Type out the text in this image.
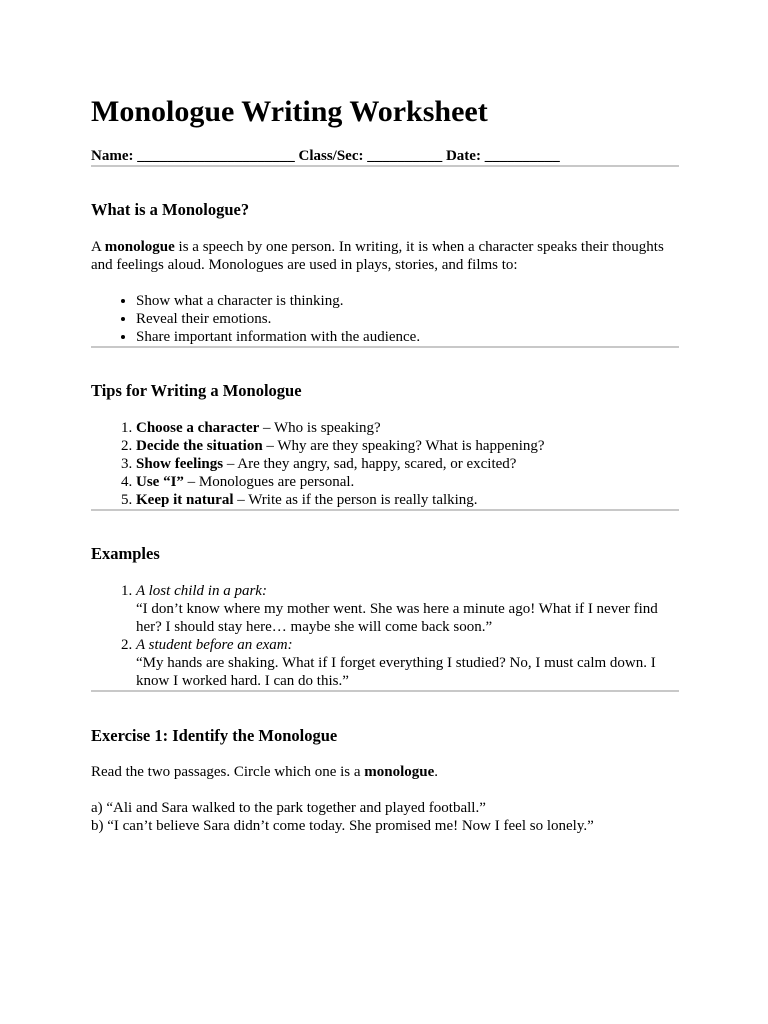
Monologue Writing Worksheet
Name: _____________________ Class/Sec: __________ Date: __________
What is a Monologue?

A monologue is a speech by one person. In writing, it is when a character speaks their thoughts and feelings aloud. Monologues are used in plays, stories, and films to:

• Show what a character is thinking.
• Reveal their emotions.
• Share important information with the audience.
Tips for Writing a Monologue
1. Choose a character – Who is speaking?
2. Decide the situation – Why are they speaking? What is happening?
3. Show feelings – Are they angry, sad, happy, scared, or excited?
4. Use “I” – Monologues are personal.
5. Keep it natural – Write as if the person is really talking.
Examples
1. A lost child in a park:
“I don’t know where my mother went. She was here a minute ago! What if I never find her? I should stay here… maybe she will come back soon.”
2. A student before an exam:
“My hands are shaking. What if I forget everything I studied? No, I must calm down. I know I worked hard. I can do this.”
Exercise 1: Identify the Monologue

Read the two passages. Circle which one is a monologue.

a) “Ali and Sara walked to the park together and played football.”

b) “I can’t believe Sara didn’t come today. She promised me! Now I feel so lonely.”
